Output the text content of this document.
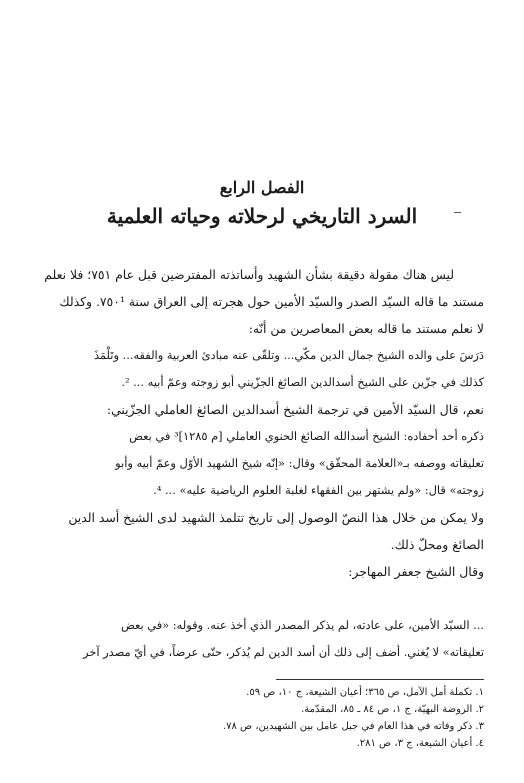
الفصل الرابع
السرد التاريخي لرحلاته وحياته العلمية
ليس هناك مقولة دقيقة بشأن الشهيد وأساتذته المفترضين قبل عام ٧٥١؛ فلا نعلم
مستند ما قاله السيّد الصدر والسيّد الأمين حول هجرته إلى العراق سنة ٧٥٠¹. وكذلك
لا نعلم مستند ما قاله بعض المعاصرين من أنّه:
دَرَسَ على والده الشيخ جمال الدين مكّي... وتلقّى عنه مبادئ العربية والفقه... وتَلْمَذَ
كذلك في جزّين على الشيخ أسدالدين الصائغ الجزّيني أبو زوجته وعمّ أبيه ... ².
نعم، قال السيّد الأمين في ترجمة الشيخ أسدالدين الصائغ العاملي الجزّيني:
ذكره أحد أحفاده: الشيخ أسدالله الصائغ الحنوي العاملي [م ١٢٨٥]³ في بعض
تعليقاته ووصفه بـ«العلامة المحقّق» وقال: «إنّه شيخ الشهيد الأوّل وعمّ أبيه وأبو
زوجته» قال: «ولم يشتهر بين الفقهاء لغلبة العلوم الرياضية عليه» ... ⁴.
ولا يمكن من خلال هذا النصّ الوصول إلى تاريخ تتلمذ الشهيد لدى الشيخ أسد الدين
الصائغ ومحلّ ذلك.
وقال الشيخ جعفر المهاجر:
... السيّد الأمين، على عادته، لم يذكر المصدر الذي أخذ عنه. وقوله: «في بعض
تعليقاته» لا يُغني. أضف إلى ذلك أن أسد الدين لم يُذكر، حتّى عرضاً، في أيّ مصدر آخر
١. تكملة أمل الآمل، ص ٣٦٥؛ أعيان الشيعة، ج ١٠، ص ٥٩.
٢. الروضة البهيّة، ج ١، ص ٨٤ ـ ٨٥، المقدّمة.
٣. ذكر وفاته في هذا العام في جبل عامل بين الشهيدين، ص ٧٨.
٤. أعيان الشيعة، ج ٣، ص ٢٨١.
